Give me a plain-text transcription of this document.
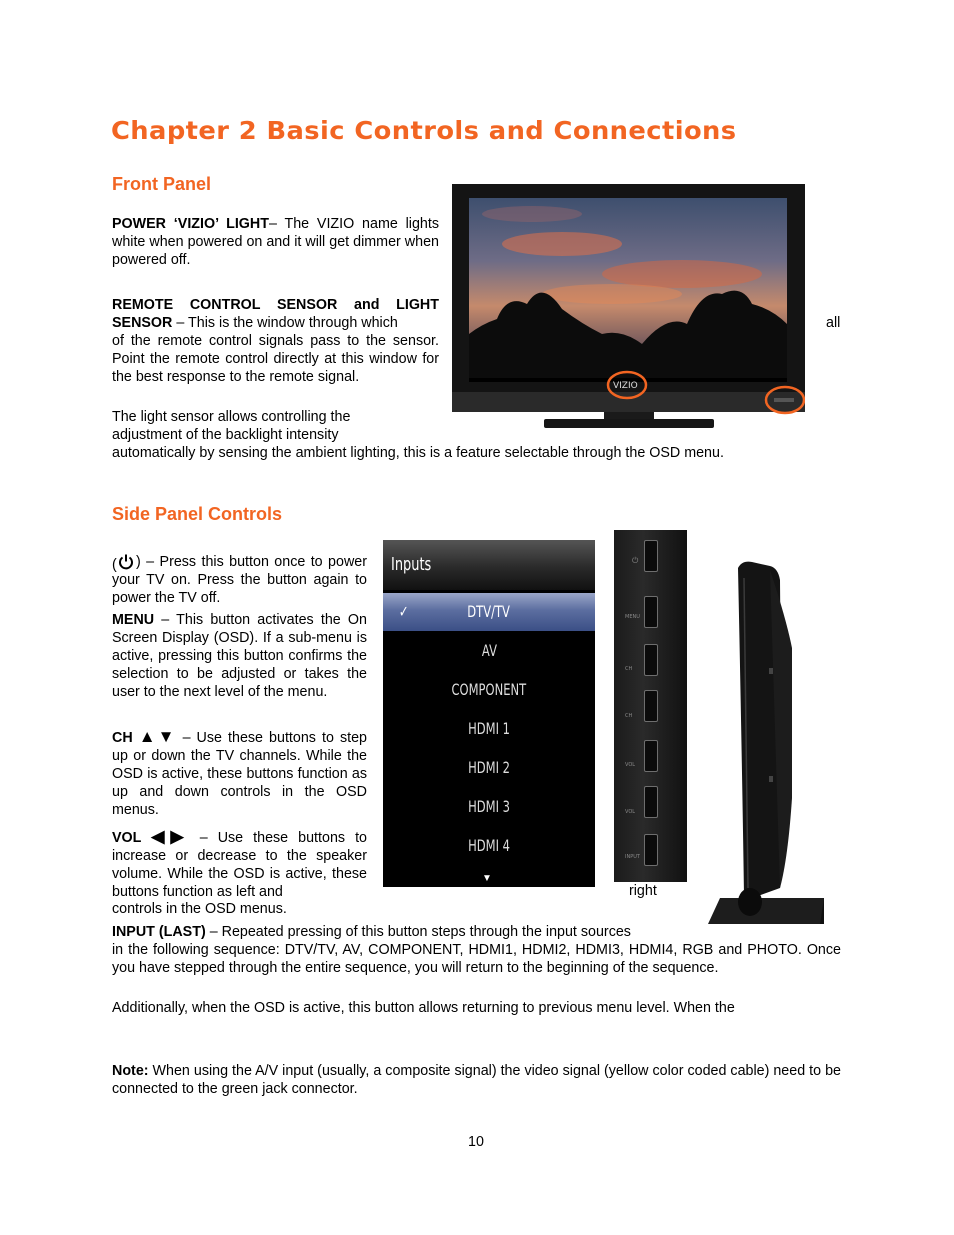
Chapter 2 Basic Controls and Connections
Front Panel

POWER ‘VIZIO’ LIGHT– The VIZIO name lights white when powered on and it will get dimmer when powered off.

REMOTE CONTROL SENSOR and LIGHT SENSOR – This is the window through which	all

of the remote control signals pass to the sensor. Point the remote control directly at this window for the best response to the remote signal.

The light sensor allows controlling the
adjustment of the backlight intensity
automatically by sensing the ambient lighting, this is a feature selectable through the OSD menu.
VIZIO
Side Panel Controls
(	) – Press this button once to power your TV on. Press the button again to power the TV off.

MENU – This button activates the On Screen Display (OSD). If a sub-menu is active, pressing this button confirms the selection to be adjusted or takes the user to the next level of the menu.

CH ▲▼ – Use these buttons to step up or down the TV channels. While the OSD is active, these buttons function as up and down controls in the OSD menus.

VOL ◀▶ – Use these buttons to increase or decrease to the speaker volume. While the OSD is active, these buttons function as left and	right
controls in the OSD menus.
INPUT (LAST) – Repeated pressing of this button steps through the input sources

in the following sequence: DTV/TV, AV, COMPONENT, HDMI1, HDMI2, HDMI3, HDMI4, RGB and PHOTO. Once you have stepped through the entire sequence, you will return to the beginning of the sequence.

Additionally, when the OSD is active, this button allows returning to previous menu level. When the
Inputs
✓	DTV/TV
AV
COMPONENT
HDMI 1
HDMI 2
HDMI 3
HDMI 4
▼
⏻
MENU
CH
CH
VOL
VOL
INPUT

Note: When using the A/V input (usually, a composite signal) the video signal (yellow color coded cable) need to be connected to the green jack connector.

10
